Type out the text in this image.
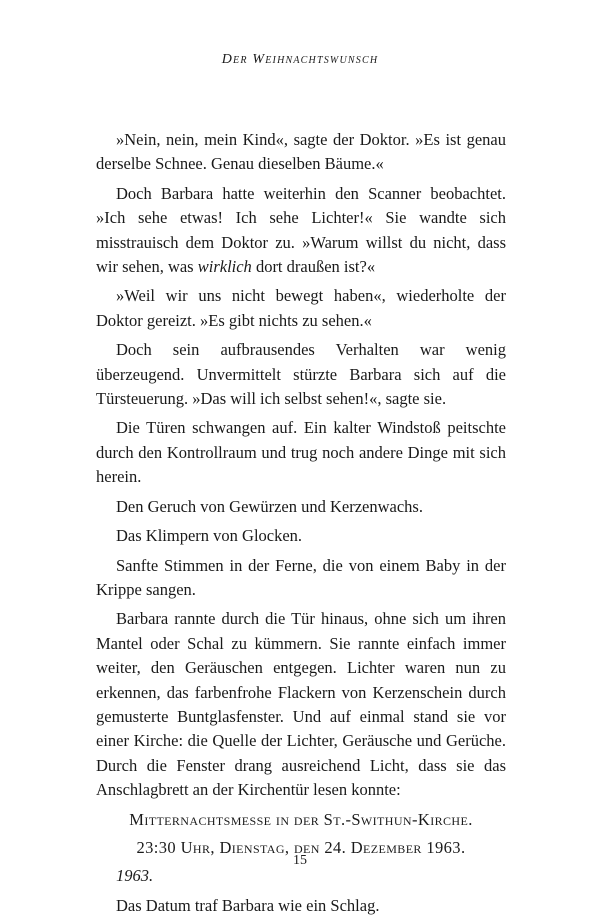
Der Weihnachtswunsch

»Nein, nein, mein Kind«, sagte der Doktor. »Es ist genau derselbe Schnee. Genau dieselben Bäume.«

Doch Barbara hatte weiterhin den Scanner beobachtet. »Ich sehe etwas! Ich sehe Lichter!« Sie wandte sich misstrauisch dem Doktor zu. »Warum willst du nicht, dass wir sehen, was wirklich dort draußen ist?«

»Weil wir uns nicht bewegt haben«, wiederholte der Doktor gereizt. »Es gibt nichts zu sehen.«

Doch sein aufbrausendes Verhalten war wenig überzeugend. Unvermittelt stürzte Barbara sich auf die Türsteuerung. »Das will ich selbst sehen!«, sagte sie.

Die Türen schwangen auf. Ein kalter Windstoß peitschte durch den Kontrollraum und trug noch andere Dinge mit sich herein.

Den Geruch von Gewürzen und Kerzenwachs.

Das Klimpern von Glocken.

Sanfte Stimmen in der Ferne, die von einem Baby in der Krippe sangen.

Barbara rannte durch die Tür hinaus, ohne sich um ihren Mantel oder Schal zu kümmern. Sie rannte einfach immer weiter, den Geräuschen entgegen. Lichter waren nun zu erkennen, das farbenfrohe Flackern von Kerzenschein durch gemusterte Buntglasfenster. Und auf einmal stand sie vor einer Kirche: die Quelle der Lichter, Geräusche und Gerüche. Durch die Fenster drang ausreichend Licht, dass sie das Anschlagbrett an der Kirchentür lesen konnte:

Mitternachtsmesse in der St.-Swithun-Kirche.

23:30 Uhr, Dienstag, den 24. Dezember 1963.

1963.

Das Datum traf Barbara wie ein Schlag.

15
